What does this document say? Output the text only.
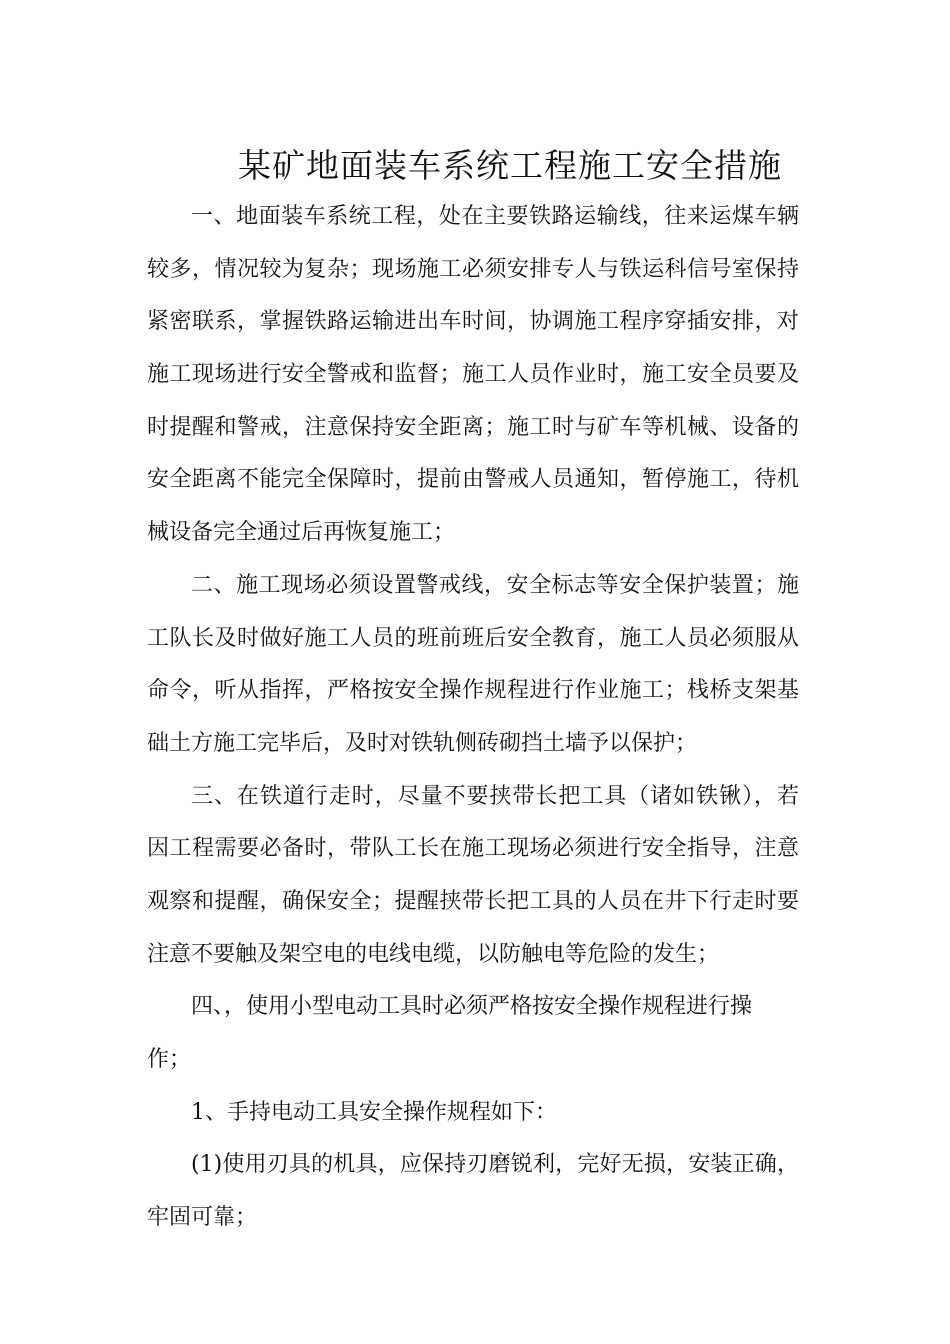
某矿地面装车系统工程施工安全措施

一、地面装车系统工程，处在主要铁路运输线，往来运煤车辆
较多，情况较为复杂；现场施工必须安排专人与铁运科信号室保持
紧密联系，掌握铁路运输进出车时间，协调施工程序穿插安排，对
施工现场进行安全警戒和监督；施工人员作业时，施工安全员要及
时提醒和警戒，注意保持安全距离；施工时与矿车等机械、设备的
安全距离不能完全保障时，提前由警戒人员通知，暂停施工，待机
械设备完全通过后再恢复施工；

二、施工现场必须设置警戒线，安全标志等安全保护装置；施
工队长及时做好施工人员的班前班后安全教育，施工人员必须服从
命令，听从指挥，严格按安全操作规程进行作业施工；栈桥支架基
础土方施工完毕后，及时对铁轨侧砖砌挡土墙予以保护；

三、在铁道行走时，尽量不要挟带长把工具（诸如铁锹），若
因工程需要必备时，带队工长在施工现场必须进行安全指导，注意
观察和提醒，确保安全；提醒挟带长把工具的人员在井下行走时要
注意不要触及架空电的电线电缆，以防触电等危险的发生；

四、，使用小型电动工具时必须严格按安全操作规程进行操
作；

1、手持电动工具安全操作规程如下：

(1)使用刃具的机具，应保持刃磨锐利，完好无损，安装正确，
牢固可靠；
